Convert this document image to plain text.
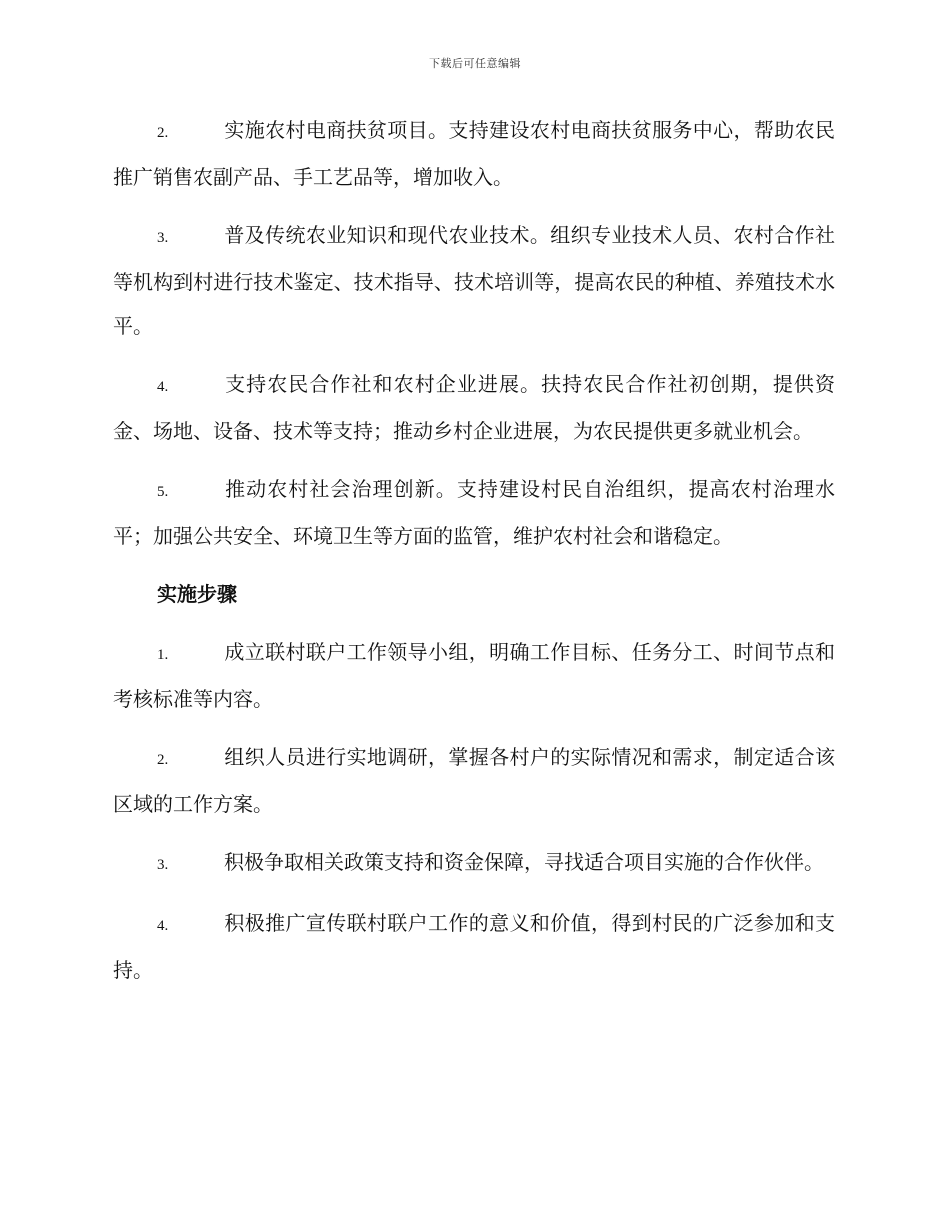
下载后可任意编辑

2.	实施农村电商扶贫项目。支持建设农村电商扶贫服务中心，帮助农民推广销售农副产品、手工艺品等，增加收入。

3.	普及传统农业知识和现代农业技术。组织专业技术人员、农村合作社等机构到村进行技术鉴定、技术指导、技术培训等，提高农民的种植、养殖技术水平。

4.	支持农民合作社和农村企业进展。扶持农民合作社初创期，提供资金、场地、设备、技术等支持；推动乡村企业进展，为农民提供更多就业机会。

5.	推动农村社会治理创新。支持建设村民自治组织，提高农村治理水平；加强公共安全、环境卫生等方面的监管，维护农村社会和谐稳定。

实施步骤

1.	成立联村联户工作领导小组，明确工作目标、任务分工、时间节点和考核标准等内容。

2.	组织人员进行实地调研，掌握各村户的实际情况和需求，制定适合该区域的工作方案。

3.	积极争取相关政策支持和资金保障，寻找适合项目实施的合作伙伴。

4.	积极推广宣传联村联户工作的意义和价值，得到村民的广泛参加和支持。
